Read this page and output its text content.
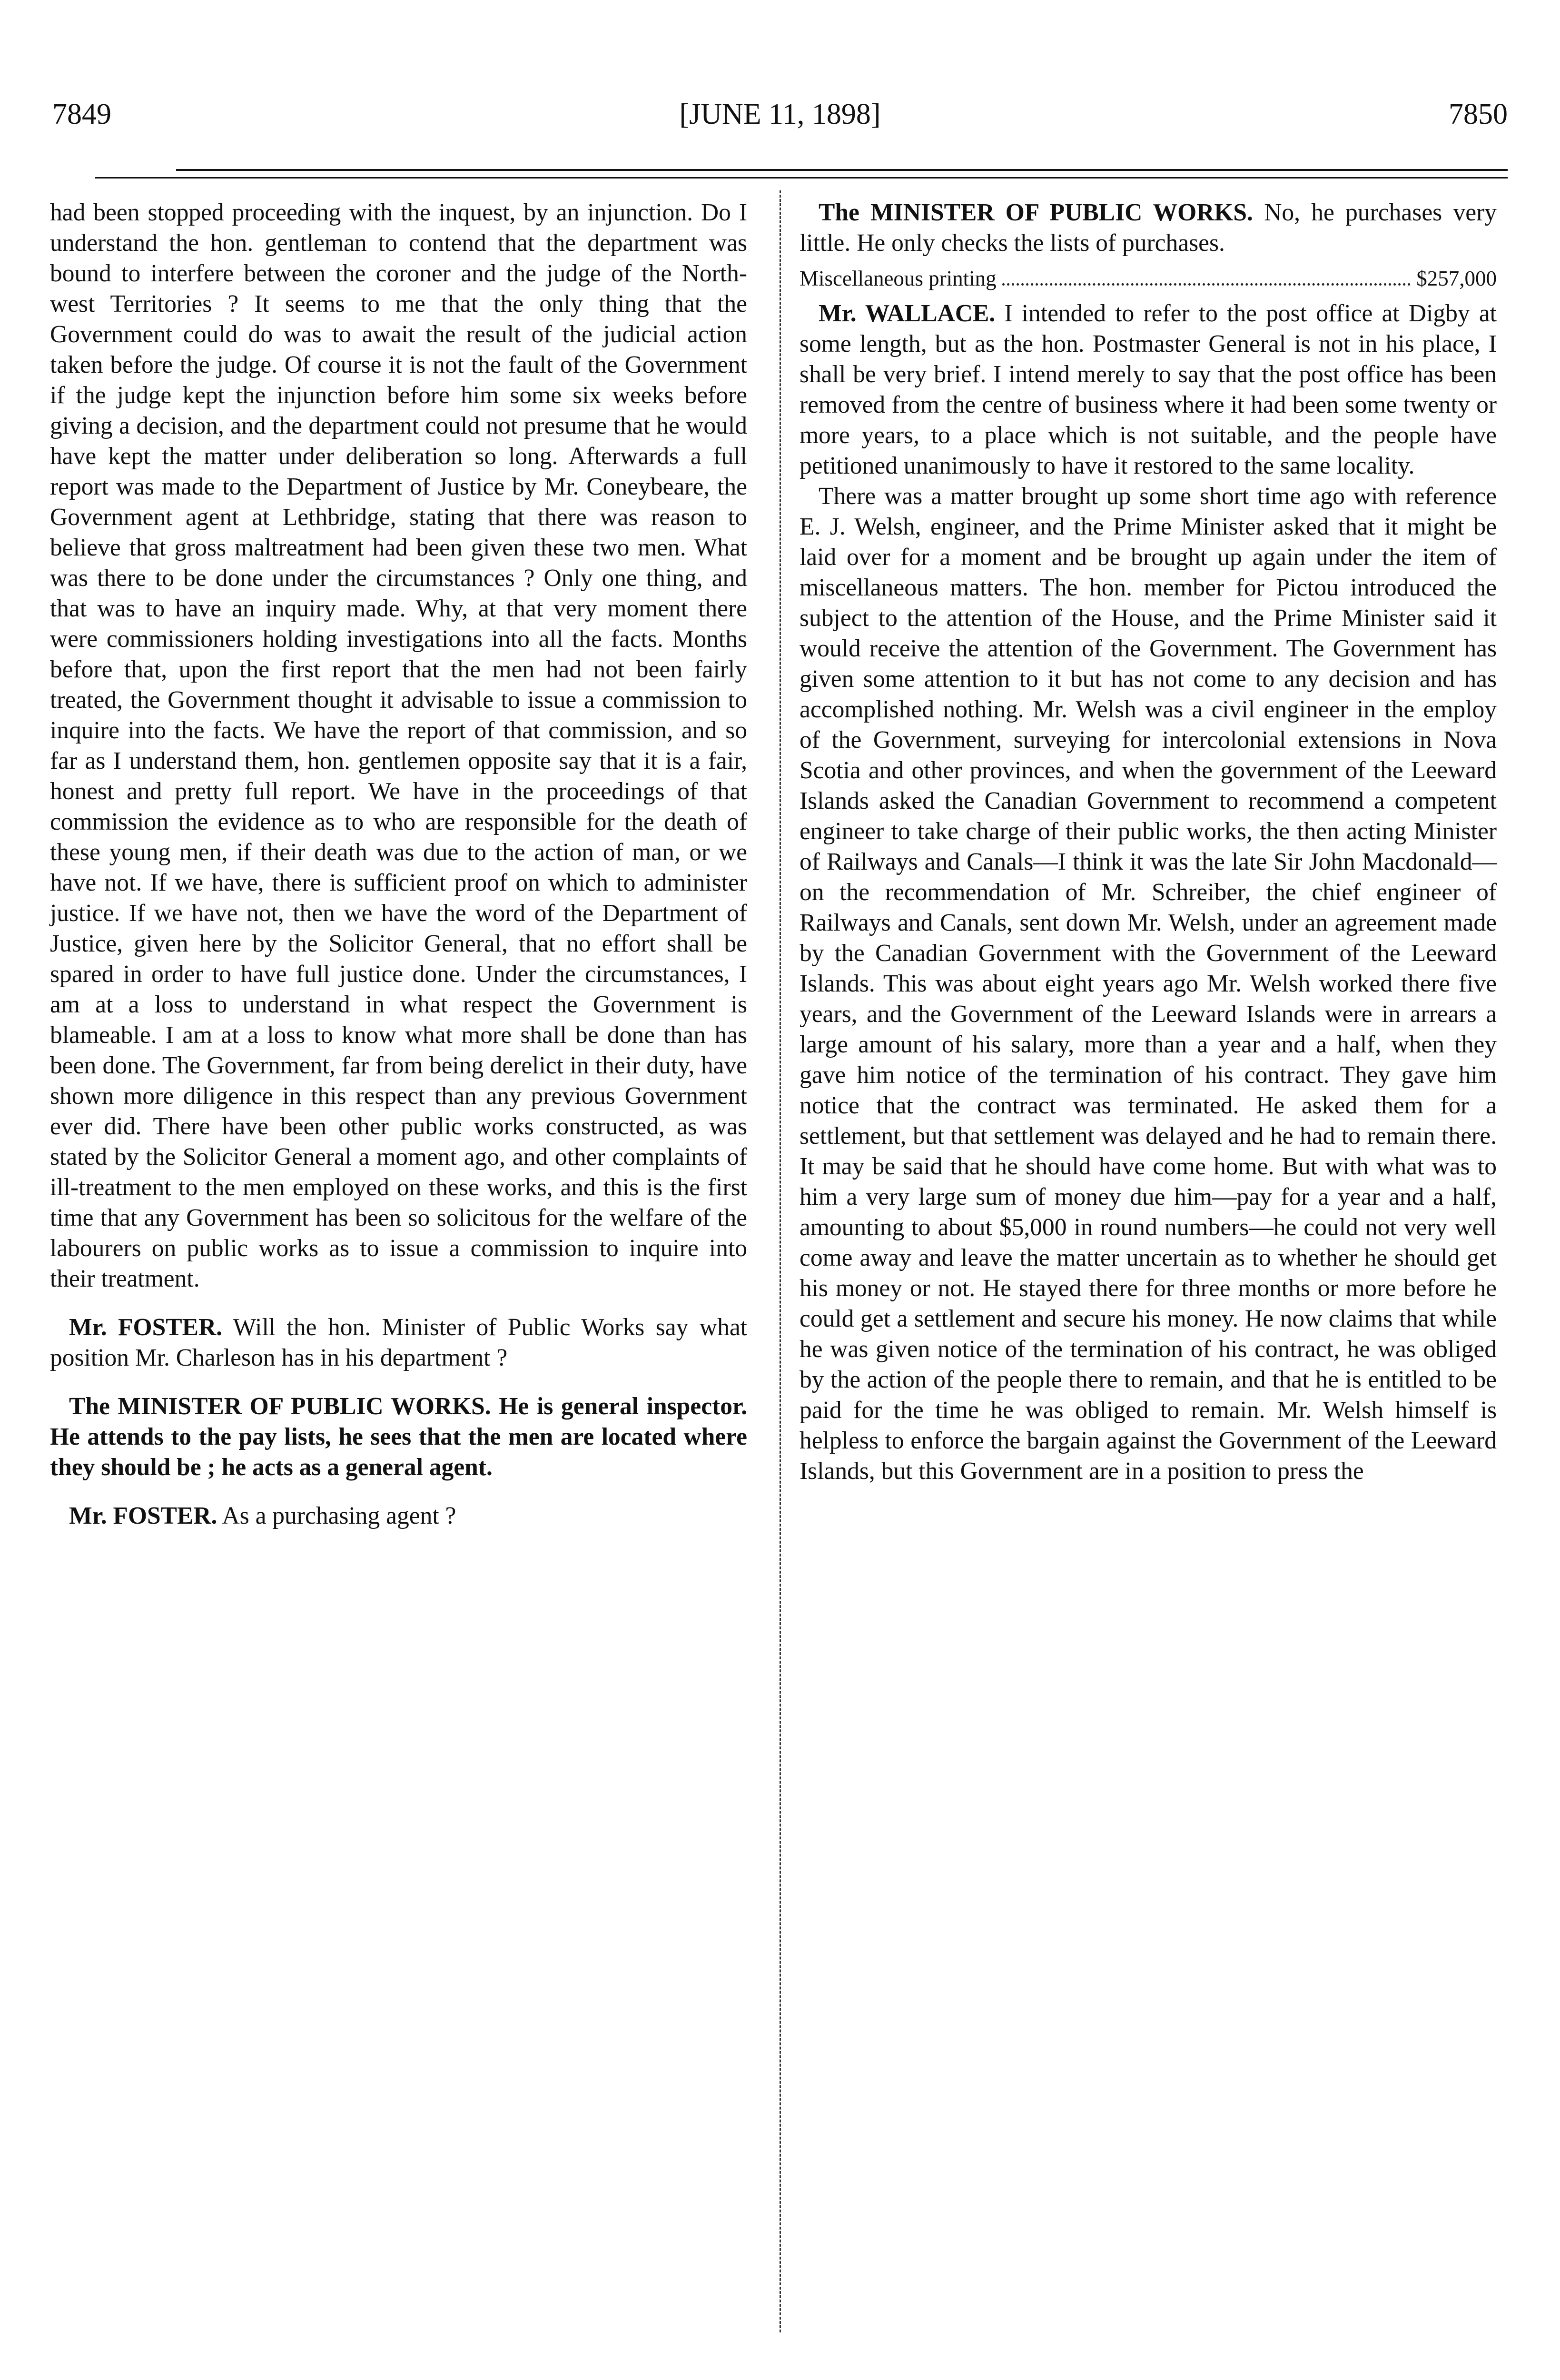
7849	[JUNE 11, 1898]	7850

had been stopped proceeding with the inquest, by an injunction. Do I understand the hon. gentleman to contend that the department was bound to interfere between the coroner and the judge of the North-west Territories ? It seems to me that the only thing that the Government could do was to await the result of the judicial action taken before the judge. Of course it is not the fault of the Government if the judge kept the injunction before him some six weeks before giving a decision, and the department could not presume that he would have kept the matter under deliberation so long. Afterwards a full report was made to the Department of Justice by Mr. Coneybeare, the Government agent at Lethbridge, stating that there was reason to believe that gross maltreatment had been given these two men. What was there to be done under the circumstances ? Only one thing, and that was to have an inquiry made. Why, at that very moment there were commissioners holding investigations into all the facts. Months before that, upon the first report that the men had not been fairly treated, the Government thought it advisable to issue a commission to inquire into the facts. We have the report of that commission, and so far as I understand them, hon. gentlemen opposite say that it is a fair, honest and pretty full report. We have in the proceedings of that commission the evidence as to who are responsible for the death of these young men, if their death was due to the action of man, or we have not. If we have, there is sufficient proof on which to administer justice. If we have not, then we have the word of the Department of Justice, given here by the Solicitor General, that no effort shall be spared in order to have full justice done. Under the circumstances, I am at a loss to understand in what respect the Government is blameable. I am at a loss to know what more shall be done than has been done. The Government, far from being derelict in their duty, have shown more diligence in this respect than any previous Government ever did. There have been other public works constructed, as was stated by the Solicitor General a moment ago, and other complaints of ill-treatment to the men employed on these works, and this is the first time that any Government has been so solicitous for the welfare of the labourers on public works as to issue a commission to inquire into their treatment.

Mr. FOSTER. Will the hon. Minister of Public Works say what position Mr. Charleson has in his department ?

The MINISTER OF PUBLIC WORKS. He is general inspector. He attends to the pay lists, he sees that the men are located where they should be ; he acts as a general agent.

Mr. FOSTER. As a purchasing agent ?

The MINISTER OF PUBLIC WORKS. No, he purchases very little. He only checks the lists of purchases.

Miscellaneous printing	$257,000

Mr. WALLACE. I intended to refer to the post office at Digby at some length, but as the hon. Postmaster General is not in his place, I shall be very brief. I intend merely to say that the post office has been removed from the centre of business where it had been some twenty or more years, to a place which is not suitable, and the people have petitioned unanimously to have it restored to the same locality.

There was a matter brought up some short time ago with reference E. J. Welsh, engineer, and the Prime Minister asked that it might be laid over for a moment and be brought up again under the item of miscellaneous matters. The hon. member for Pictou introduced the subject to the attention of the House, and the Prime Minister said it would receive the attention of the Government. The Government has given some attention to it but has not come to any decision and has accomplished nothing. Mr. Welsh was a civil engineer in the employ of the Government, surveying for intercolonial extensions in Nova Scotia and other provinces, and when the government of the Leeward Islands asked the Canadian Government to recommend a competent engineer to take charge of their public works, the then acting Minister of Railways and Canals—I think it was the late Sir John Macdonald—on the recommendation of Mr. Schreiber, the chief engineer of Railways and Canals, sent down Mr. Welsh, under an agreement made by the Canadian Government with the Government of the Leeward Islands. This was about eight years ago Mr. Welsh worked there five years, and the Government of the Leeward Islands were in arrears a large amount of his salary, more than a year and a half, when they gave him notice of the termination of his contract. They gave him notice that the contract was terminated. He asked them for a settlement, but that settlement was delayed and he had to remain there. It may be said that he should have come home. But with what was to him a very large sum of money due him—pay for a year and a half, amounting to about $5,000 in round numbers—he could not very well come away and leave the matter uncertain as to whether he should get his money or not. He stayed there for three months or more before he could get a settlement and secure his money. He now claims that while he was given notice of the termination of his contract, he was obliged by the action of the people there to remain, and that he is entitled to be paid for the time he was obliged to remain. Mr. Welsh himself is helpless to enforce the bargain against the Government of the Leeward Islands, but this Government are in a position to press the
